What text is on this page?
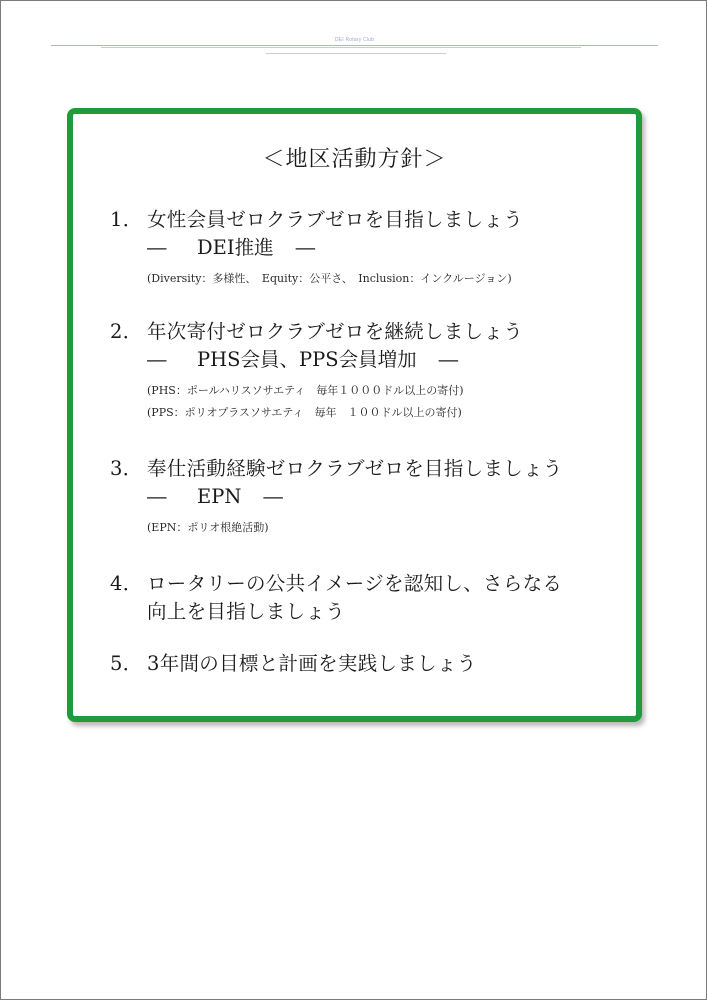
DEI Rotary Club
＜地区活動方針＞
1． 女性会員ゼロクラブゼロを目指しましょう
― DEI推進 ―
(Diversity：多様性、　Equity：公平さ、　Inclusion：インクルージョン)
2． 年次寄付ゼロクラブゼロを継続しましょう
― PHS会員、PPS会員増加 ―
(PHS：ポールハリスソサエティ　毎年１０００ドル以上の寄付)
(PPS：ポリオプラスソサエティ　毎年　１００ドル以上の寄付)
3． 奉仕活動経験ゼロクラブゼロを目指しましょう
― EPN ―
(EPN：ポリオ根絶活動)
4． ロータリーの公共イメージを認知し、さらなる
向上を目指しましょう
5． 3年間の目標と計画を実践しましょう
